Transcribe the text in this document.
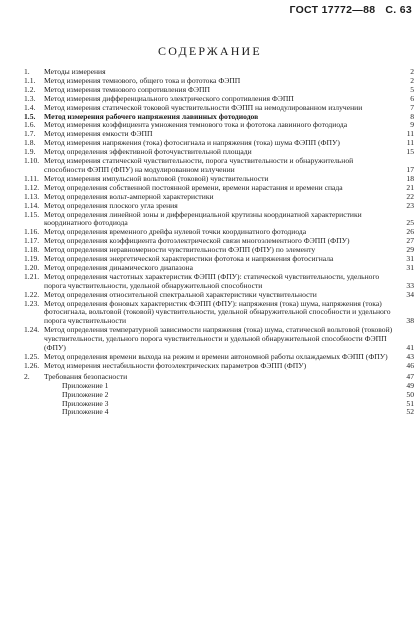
ГОСТ 17772—88 С. 63
СОДЕРЖАНИЕ
1.	Методы измерения	2
1.1.	Метод измерения темнового, общего тока и фототока ФЭПП	2
1.2.	Метод измерения темнового сопротивления ФЭПП	5
1.3.	Метод измерения дифференциального электрического сопротивления ФЭПП	6
1.4.	Метод измерения статической токовой чувствительности ФЭПП на немодулированном излучении	7
1.5.	Метод измерения рабочего напряжения лавинных фотодиодов	8
1.6.	Метод измерения коэффициента умножения темнового тока и фототока лавинного фотодиода	9
1.7.	Метод измерения емкости ФЭПП	11
1.8.	Метод измерения напряжения (тока) фотосигнала и напряжения (тока) шума ФЭПП (ФПУ)	11
1.9.	Метод определения эффективной фоточувствительной площади	15
1.10. Метод измерения статической чувствительности, порога чувствительности и обнаружительной способности ФЭПП (ФПУ) на модулированном излучении	17
1.11. Метод измерения импульсной вольтовой (токовой) чувствительности	18
1.12. Метод определения собственной постоянной времени, времени нарастания и времени спада	21
1.13. Метод определения вольт-амперной характеристики	22
1.14. Метод определения плоского угла зрения	23
1.15. Метод определения линейной зоны и дифференциальной крутизны координатной характеристики координатного фотодиода	25
1.16. Метод определения временного дрейфа нулевой точки координатного фотодиода	26
1.17. Метод определения коэффициента фотоэлектрической связи многоэлементного ФЭПП (ФПУ)	27
1.18. Метод определения неравномерности чувствительности ФЭПП (ФПУ) по элементу	29
1.19. Метод определения энергетической характеристики фототока и напряжения фотосигнала	31
1.20. Метод определения динамического диапазона	31
1.21. Метод определения частотных характеристик ФЭПП (ФПУ): статической чувствительности, удельного порога чувствительности, удельной обнаружительной способности	33
1.22. Метод определения относительной спектральной характеристики чувствительности	34
1.23. Метод определения фоновых характеристик ФЭПП (ФПУ): напряжения (тока) шума, напряжения (тока) фотосигнала, вольтовой (токовой) чувствительности, удельной обнаружительной способности и удельного порога чувствительности	38
1.24. Метод определения температурной зависимости напряжения (тока) шума, статической вольтовой (токовой) чувствительности, удельного порога чувствительности и удельной обнаружительной способности ФЭПП (ФПУ)	41
1.25. Метод определения времени выхода на режим и времени автономной работы охлаждаемых ФЭПП (ФПУ)	43
1.26. Метод измерения нестабильности фотоэлектрических параметров ФЭПП (ФПУ)	46
2.	Требования безопасности	47
Приложение 1	49
Приложение 2	50
Приложение 3	51
Приложение 4	52
